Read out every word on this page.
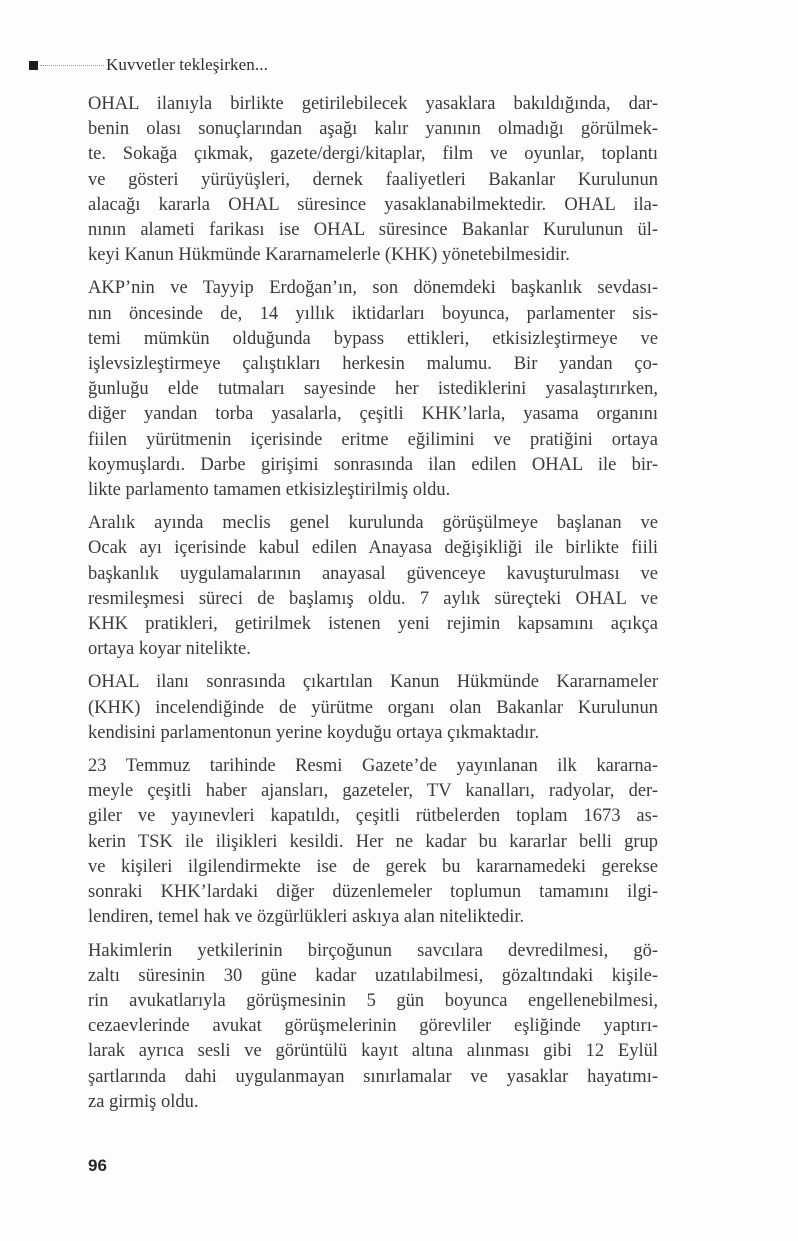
Kuvvetler tekleşirken...
OHAL ilanıyla birlikte getirilebilecek yasaklara bakıldığında, dar-
benin olası sonuçlarından aşağı kalır yanının olmadığı görülmek-
te. Sokağa çıkmak, gazete/dergi/kitaplar, film ve oyunlar, toplantı
ve gösteri yürüyüşleri, dernek faaliyetleri Bakanlar Kurulunun
alacağı kararla OHAL süresince yasaklanabilmektedir. OHAL ila-
nının alameti farikası ise OHAL süresince Bakanlar Kurulunun ül-
keyi Kanun Hükmünde Kararnamelerle (KHK) yönetebilmesidir.
AKP’nin ve Tayyip Erdoğan’ın, son dönemdeki başkanlık sevdası-
nın öncesinde de, 14 yıllık iktidarları boyunca, parlamenter sis-
temi mümkün olduğunda bypass ettikleri, etkisizleştirmeye ve
işlevsizleştirmeye çalıştıkları herkesin malumu. Bir yandan ço-
ğunluğu elde tutmaları sayesinde her istediklerini yasalaştırırken,
diğer yandan torba yasalarla, çeşitli KHK’larla, yasama organını
fiilen yürütmenin içerisinde eritme eğilimini ve pratiğini ortaya
koymuşlardı. Darbe girişimi sonrasında ilan edilen OHAL ile bir-
likte parlamento tamamen etkisizleştirilmiş oldu.
Aralık ayında meclis genel kurulunda görüşülmeye başlanan ve
Ocak ayı içerisinde kabul edilen Anayasa değişikliği ile birlikte fiili
başkanlık uygulamalarının anayasal güvenceye kavuşturulması ve
resmileşmesi süreci de başlamış oldu. 7 aylık süreçteki OHAL ve
KHK pratikleri, getirilmek istenen yeni rejimin kapsamını açıkça
ortaya koyar nitelikte.
OHAL ilanı sonrasında çıkartılan Kanun Hükmünde Kararnameler
(KHK) incelendiğinde de yürütme organı olan Bakanlar Kurulunun
kendisini parlamentonun yerine koyduğu ortaya çıkmaktadır.
23 Temmuz tarihinde Resmi Gazete’de yayınlanan ilk kararna-
meyle çeşitli haber ajansları, gazeteler, TV kanalları, radyolar, der-
giler ve yayınevleri kapatıldı, çeşitli rütbelerden toplam 1673 as-
kerin TSK ile ilişikleri kesildi. Her ne kadar bu kararlar belli grup
ve kişileri ilgilendirmekte ise de gerek bu kararnamedeki gerekse
sonraki KHK’lardaki diğer düzenlemeler toplumun tamamını ilgi-
lendiren, temel hak ve özgürlükleri askıya alan niteliktedir.
Hakimlerin yetkilerinin birçoğunun savcılara devredilmesi, gö-
zaltı süresinin 30 güne kadar uzatılabilmesi, gözaltındaki kişile-
rin avukatlarıyla görüşmesinin 5 gün boyunca engellenebilmesi,
cezaevlerinde avukat görüşmelerinin görevliler eşliğinde yaptırı-
larak ayrıca sesli ve görüntülü kayıt altına alınması gibi 12 Eylül
şartlarında dahi uygulanmayan sınırlamalar ve yasaklar hayatımı-
za girmiş oldu.
96
